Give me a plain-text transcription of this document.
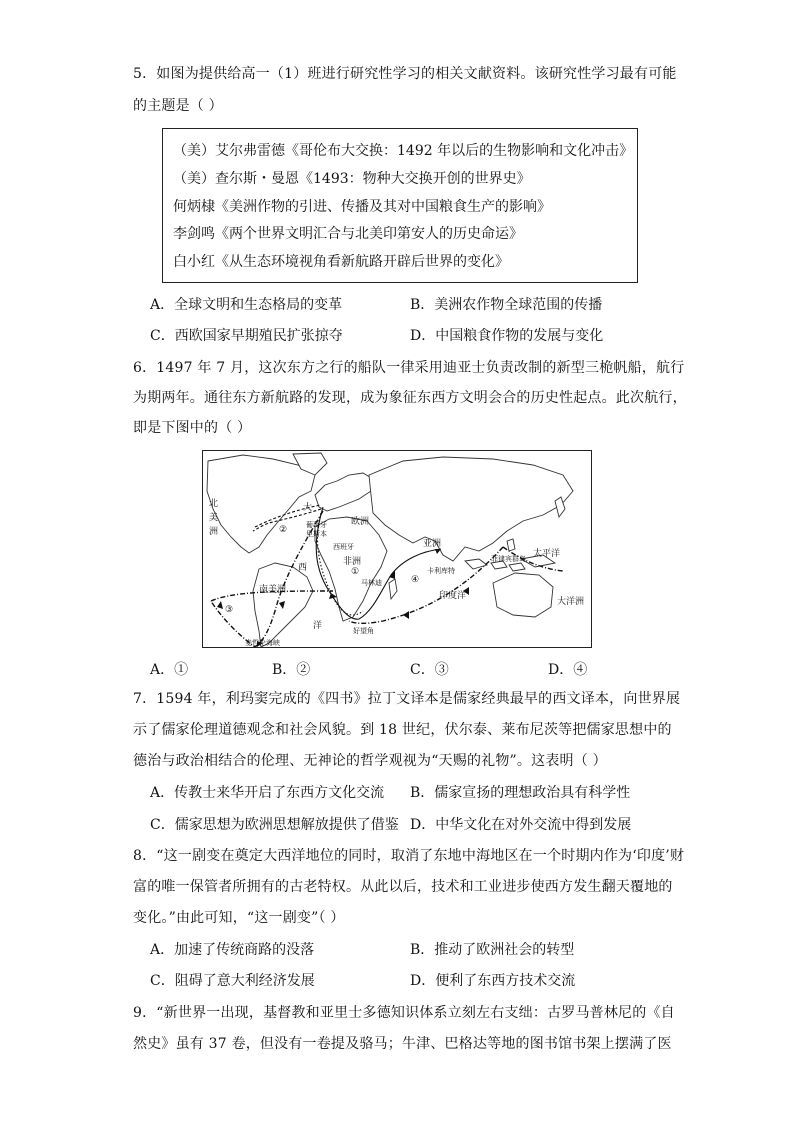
5．如图为提供给高一（1）班进行研究性学习的相关文献资料。该研究性学习最有可能
的主题是（ ）
（美）艾尔弗雷德《哥伦布大交换：1492 年以后的生物影响和文化冲击》
（美）查尔斯・曼恩《1493：物种大交换开创的世界史》
何炳棣《美洲作物的引进、传播及其对中国粮食生产的影响》
李剑鸣《两个世界文明汇合与北美印第安人的历史命运》
白小红《从生态环境视角看新航路开辟后世界的变化》
A．全球文明和生态格局的变革	B．美洲农作物全球范围的传播
C．西欧国家早期殖民扩张掠夺	D．中国粮食作物的发展与变化
6．1497 年 7 月，这次东方之行的船队一律采用迪亚士负责改制的新型三桅帆船，航行
为期两年。通往东方新航路的发现，成为象征东西方文明会合的历史性起点。此次航行，
即是下图中的（ ）
北美洲
大
西
洋
南美洲
欧洲
亚洲
非洲
太平洋
印度洋
大洋洲
葡萄牙
里斯本
西班牙
卡利库特
菲律宾群岛
马林迪
好望角
麦哲伦海峡
①
②
③
④
A．①	B．②	C．③	D．④
7．1594 年，利玛窦完成的《四书》拉丁文译本是儒家经典最早的西文译本，向世界展
示了儒家伦理道德观念和社会风貌。到 18 世纪，伏尔泰、莱布尼茨等把儒家思想中的
德治与政治相结合的伦理、无神论的哲学观视为“天赐的礼物”。这表明（ ）
A．传教士来华开启了东西方文化交流 B．儒家宣扬的理想政治具有科学性
C．儒家思想为欧洲思想解放提供了借鉴 D．中华文化在对外交流中得到发展
8．“这一剧变在奠定大西洋地位的同时，取消了东地中海地区在一个时期内作为‘印度’财
富的唯一保管者所拥有的古老特权。从此以后，技术和工业进步使西方发生翻天覆地的
变化。”由此可知，“这一剧变”（ ）
A．加速了传统商路的没落	B．推动了欧洲社会的转型
C．阻碍了意大利经济发展	D．便利了东西方技术交流
9．“新世界一出现，基督教和亚里士多德知识体系立刻左右支绌：古罗马普林尼的《自
然史》虽有 37 卷，但没有一卷提及骆马；牛津、巴格达等地的图书馆书架上摆满了医
